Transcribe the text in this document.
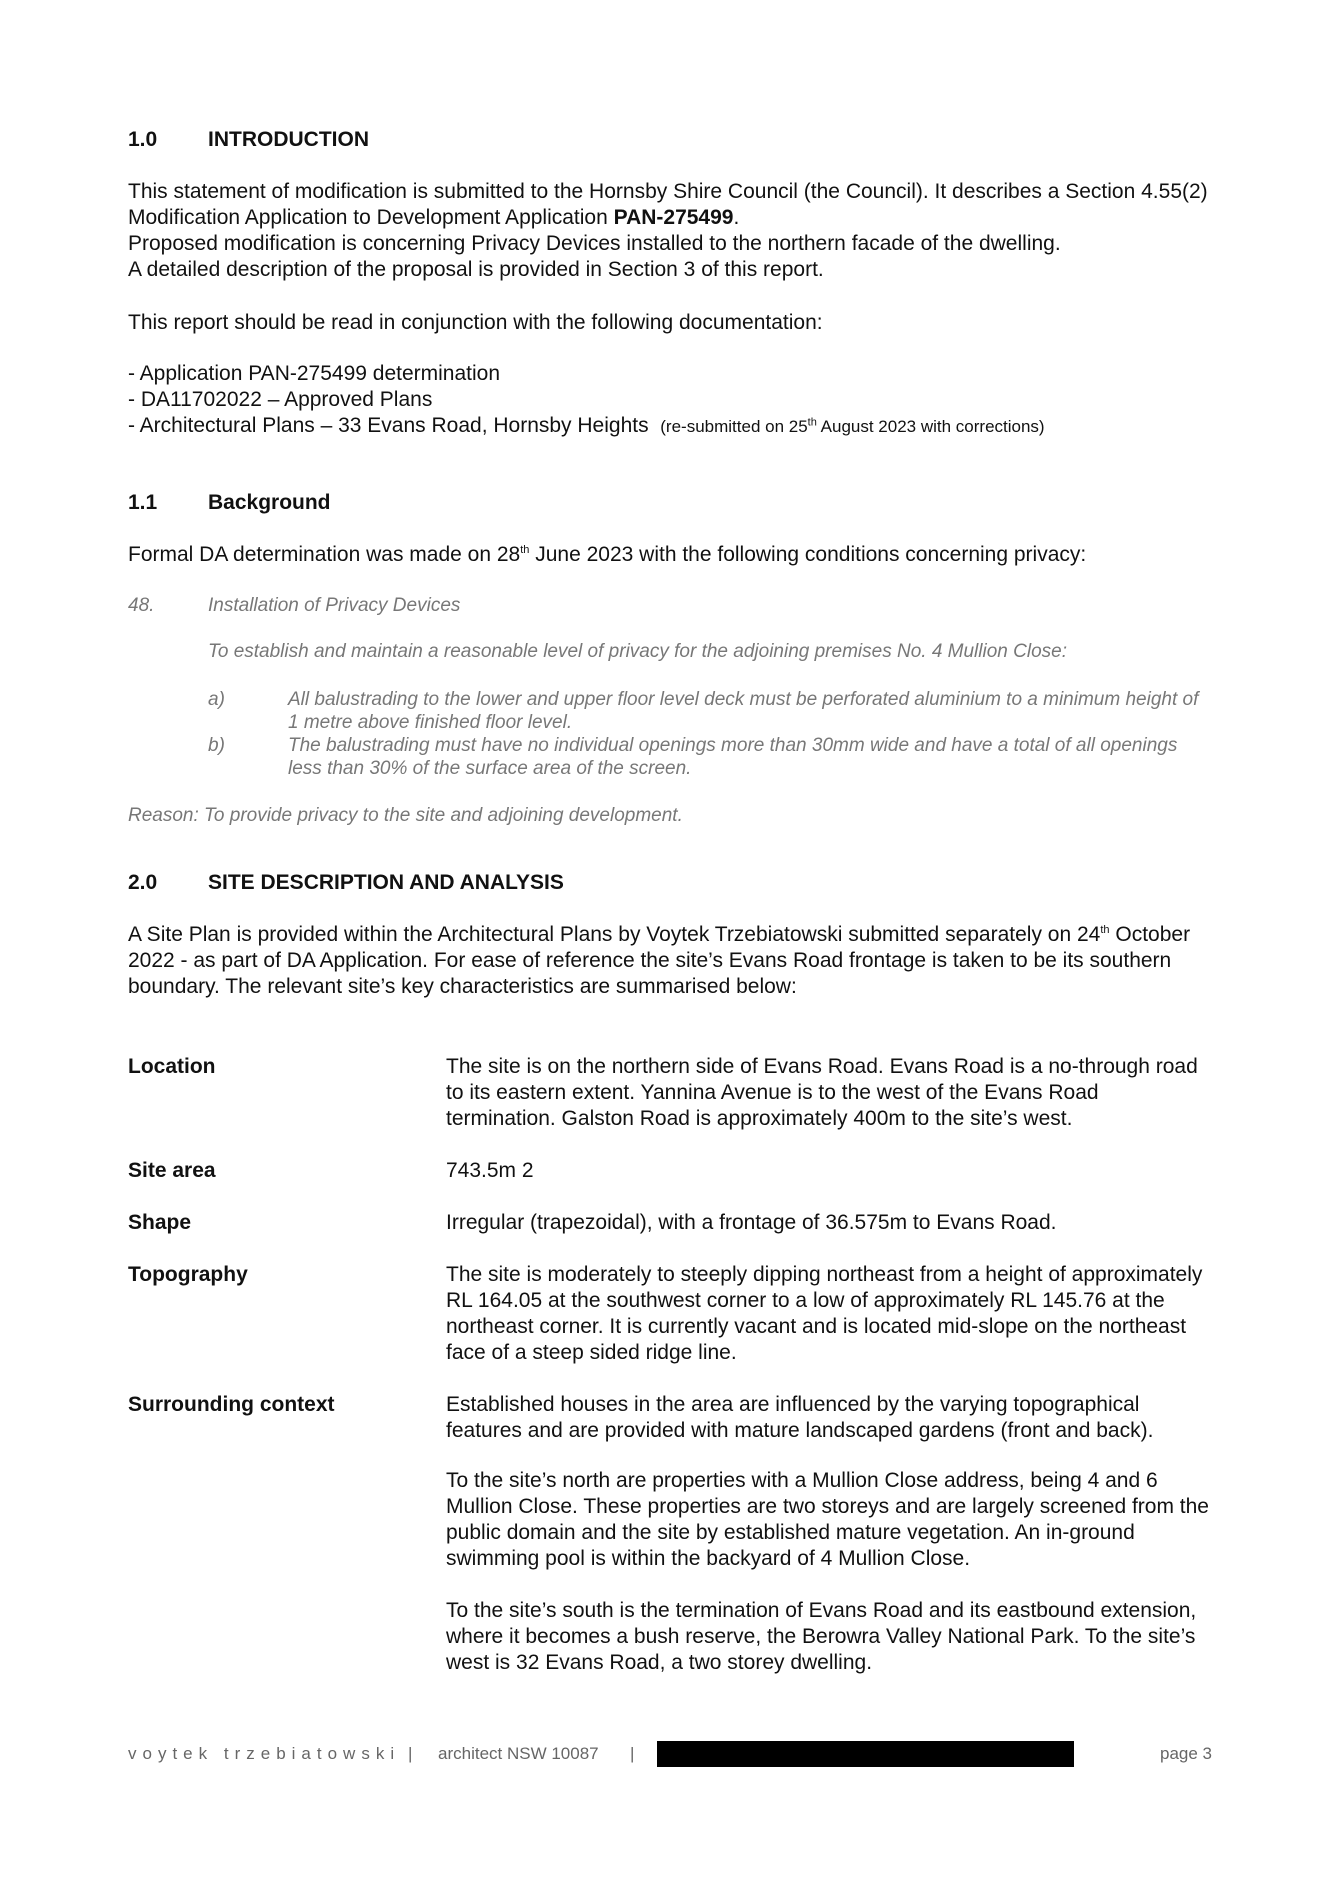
1.0 INTRODUCTION
This statement of modification is submitted to the Hornsby Shire Council (the Council). It describes a Section 4.55(2) Modification Application to Development Application PAN-275499.
Proposed modification is concerning Privacy Devices installed to the northern facade of the dwelling.
A detailed description of the proposal is provided in Section 3 of this report.
This report should be read in conjunction with the following documentation:
- Application PAN-275499 determination
- DA11702022 – Approved Plans
- Architectural Plans – 33 Evans Road, Hornsby Heights (re-submitted on 25th August 2023 with corrections)
1.1 Background
Formal DA determination was made on 28th June 2023 with the following conditions concerning privacy:
48.	Installation of Privacy Devices
To establish and maintain a reasonable level of privacy for the adjoining premises No. 4 Mullion Close:
a)	All balustrading to the lower and upper floor level deck must be perforated aluminium to a minimum height of 1 metre above finished floor level.
b)	The balustrading must have no individual openings more than 30mm wide and have a total of all openings less than 30% of the surface area of the screen.
Reason: To provide privacy to the site and adjoining development.
2.0 SITE DESCRIPTION AND ANALYSIS
A Site Plan is provided within the Architectural Plans by Voytek Trzebiatowski submitted separately on 24th October 2022 - as part of DA Application. For ease of reference the site’s Evans Road frontage is taken to be its southern boundary. The relevant site’s key characteristics are summarised below:
Location	The site is on the northern side of Evans Road. Evans Road is a no-through road to its eastern extent. Yannina Avenue is to the west of the Evans Road termination. Galston Road is approximately 400m to the site’s west.
Site area	743.5m 2
Shape	Irregular (trapezoidal), with a frontage of 36.575m to Evans Road.
Topography	The site is moderately to steeply dipping northeast from a height of approximately RL 164.05 at the southwest corner to a low of approximately RL 145.76 at the northeast corner. It is currently vacant and is located mid-slope on the northeast face of a steep sided ridge line.
Surrounding context	Established houses in the area are influenced by the varying topographical features and are provided with mature landscaped gardens (front and back).
To the site’s north are properties with a Mullion Close address, being 4 and 6 Mullion Close. These properties are two storeys and are largely screened from the public domain and the site by established mature vegetation. An in-ground swimming pool is within the backyard of 4 Mullion Close.
To the site’s south is the termination of Evans Road and its eastbound extension, where it becomes a bush reserve, the Berowra Valley National Park. To the site’s west is 32 Evans Road, a two storey dwelling.
voytek trzebiatowski | architect NSW 10087 |	page 3
